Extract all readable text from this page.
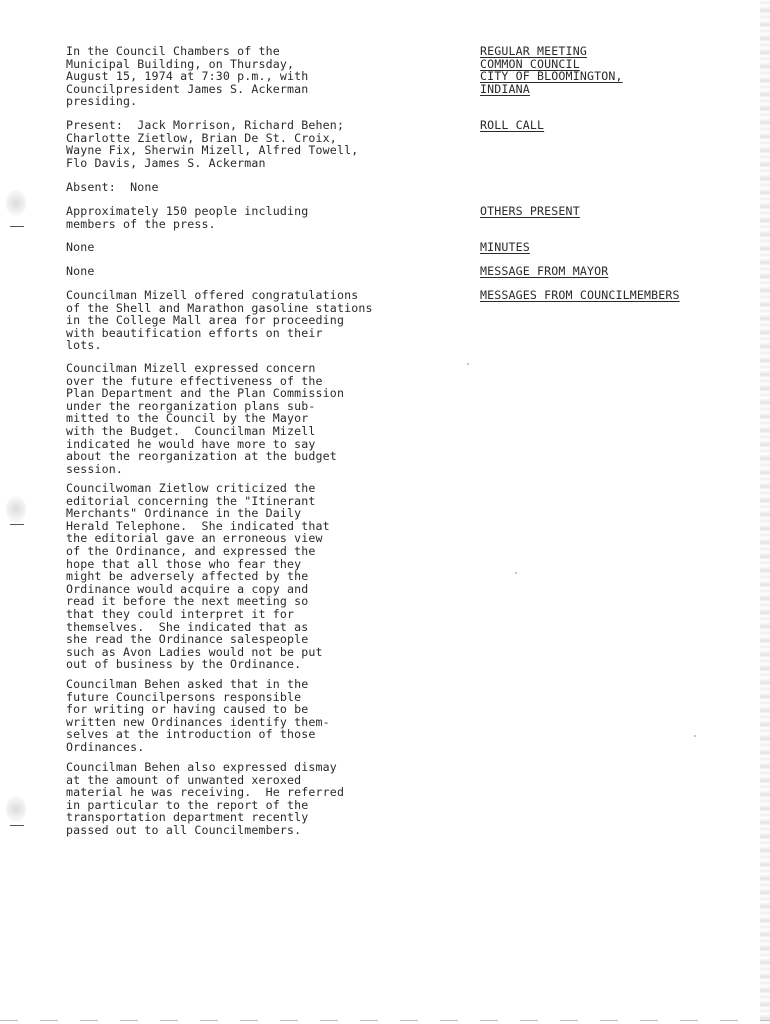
In the Council Chambers of the
Municipal Building, on Thursday,
August 15, 1974 at 7:30 p.m., with
Councilpresident James S. Ackerman
presiding.

REGULAR MEETING
COMMON COUNCIL
CITY OF BLOOMINGTON,
INDIANA

Present:  Jack Morrison, Richard Behen;
Charlotte Zietlow, Brian De St. Croix,
Wayne Fix, Sherwin Mizell, Alfred Towell,
Flo Davis, James S. Ackerman

ROLL CALL

Absent:  None

Approximately 150 people including
members of the press.

OTHERS PRESENT

None	MINUTES

None	MESSAGE FROM MAYOR

Councilman Mizell offered congratulations
of the Shell and Marathon gasoline stations
in the College Mall area for proceeding
with beautification efforts on their
lots.

MESSAGES FROM COUNCILMEMBERS

Councilman Mizell expressed concern
over the future effectiveness of the
Plan Department and the Plan Commission
under the reorganization plans sub-
mitted to the Council by the Mayor
with the Budget.  Councilman Mizell
indicated he would have more to say
about the reorganization at the budget
session.

Councilwoman Zietlow criticized the
editorial concerning the "Itinerant
Merchants" Ordinance in the Daily
Herald Telephone.  She indicated that
the editorial gave an erroneous view
of the Ordinance, and expressed the
hope that all those who fear they
might be adversely affected by the
Ordinance would acquire a copy and
read it before the next meeting so
that they could interpret it for
themselves.  She indicated that as
she read the Ordinance salespeople
such as Avon Ladies would not be put
out of business by the Ordinance.

Councilman Behen asked that in the
future Councilpersons responsible
for writing or having caused to be
written new Ordinances identify them-
selves at the introduction of those
Ordinances.

Councilman Behen also expressed dismay
at the amount of unwanted xeroxed
material he was receiving.  He referred
in particular to the report of the
transportation department recently
passed out to all Councilmembers.
